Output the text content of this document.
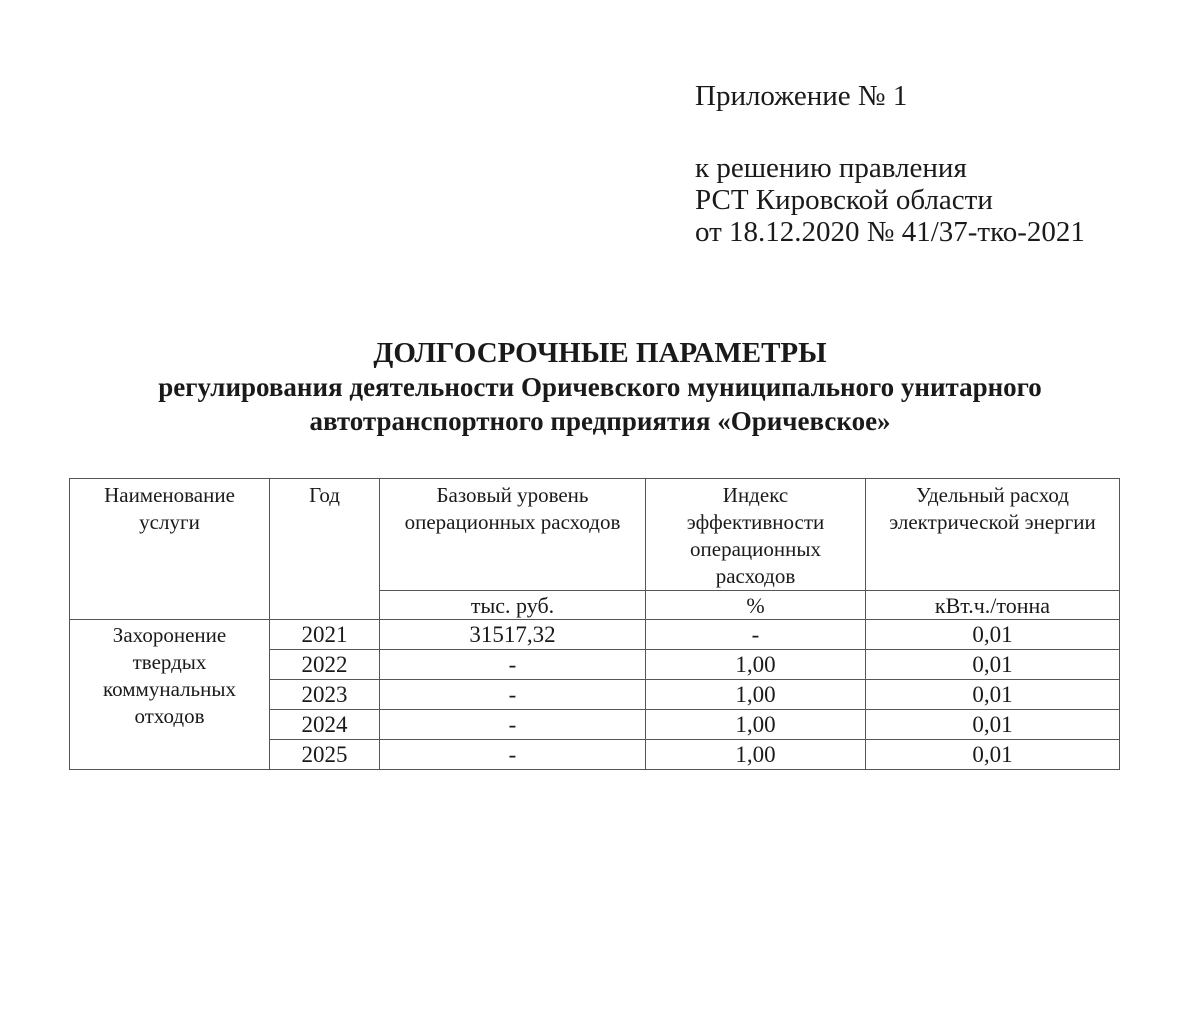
Приложение № 1
к решению правления
РСТ Кировской области
от 18.12.2020 № 41/37-тко-2021
ДОЛГОСРОЧНЫЕ ПАРАМЕТРЫ
регулирования деятельности Оричевского муниципального унитарного
автотранспортного предприятия «Оричевское»
Наименование услуги	Год	Базовый уровень операционных расходов	Индекс эффективности операционных расходов	Удельный расход электрической энергии
		тыс. руб.	%	кВт.ч./тонна
Захоронение твердых коммунальных отходов	2021	31517,32	-	0,01
	2022	-	1,00	0,01
	2023	-	1,00	0,01
	2024	-	1,00	0,01
	2025	-	1,00	0,01
